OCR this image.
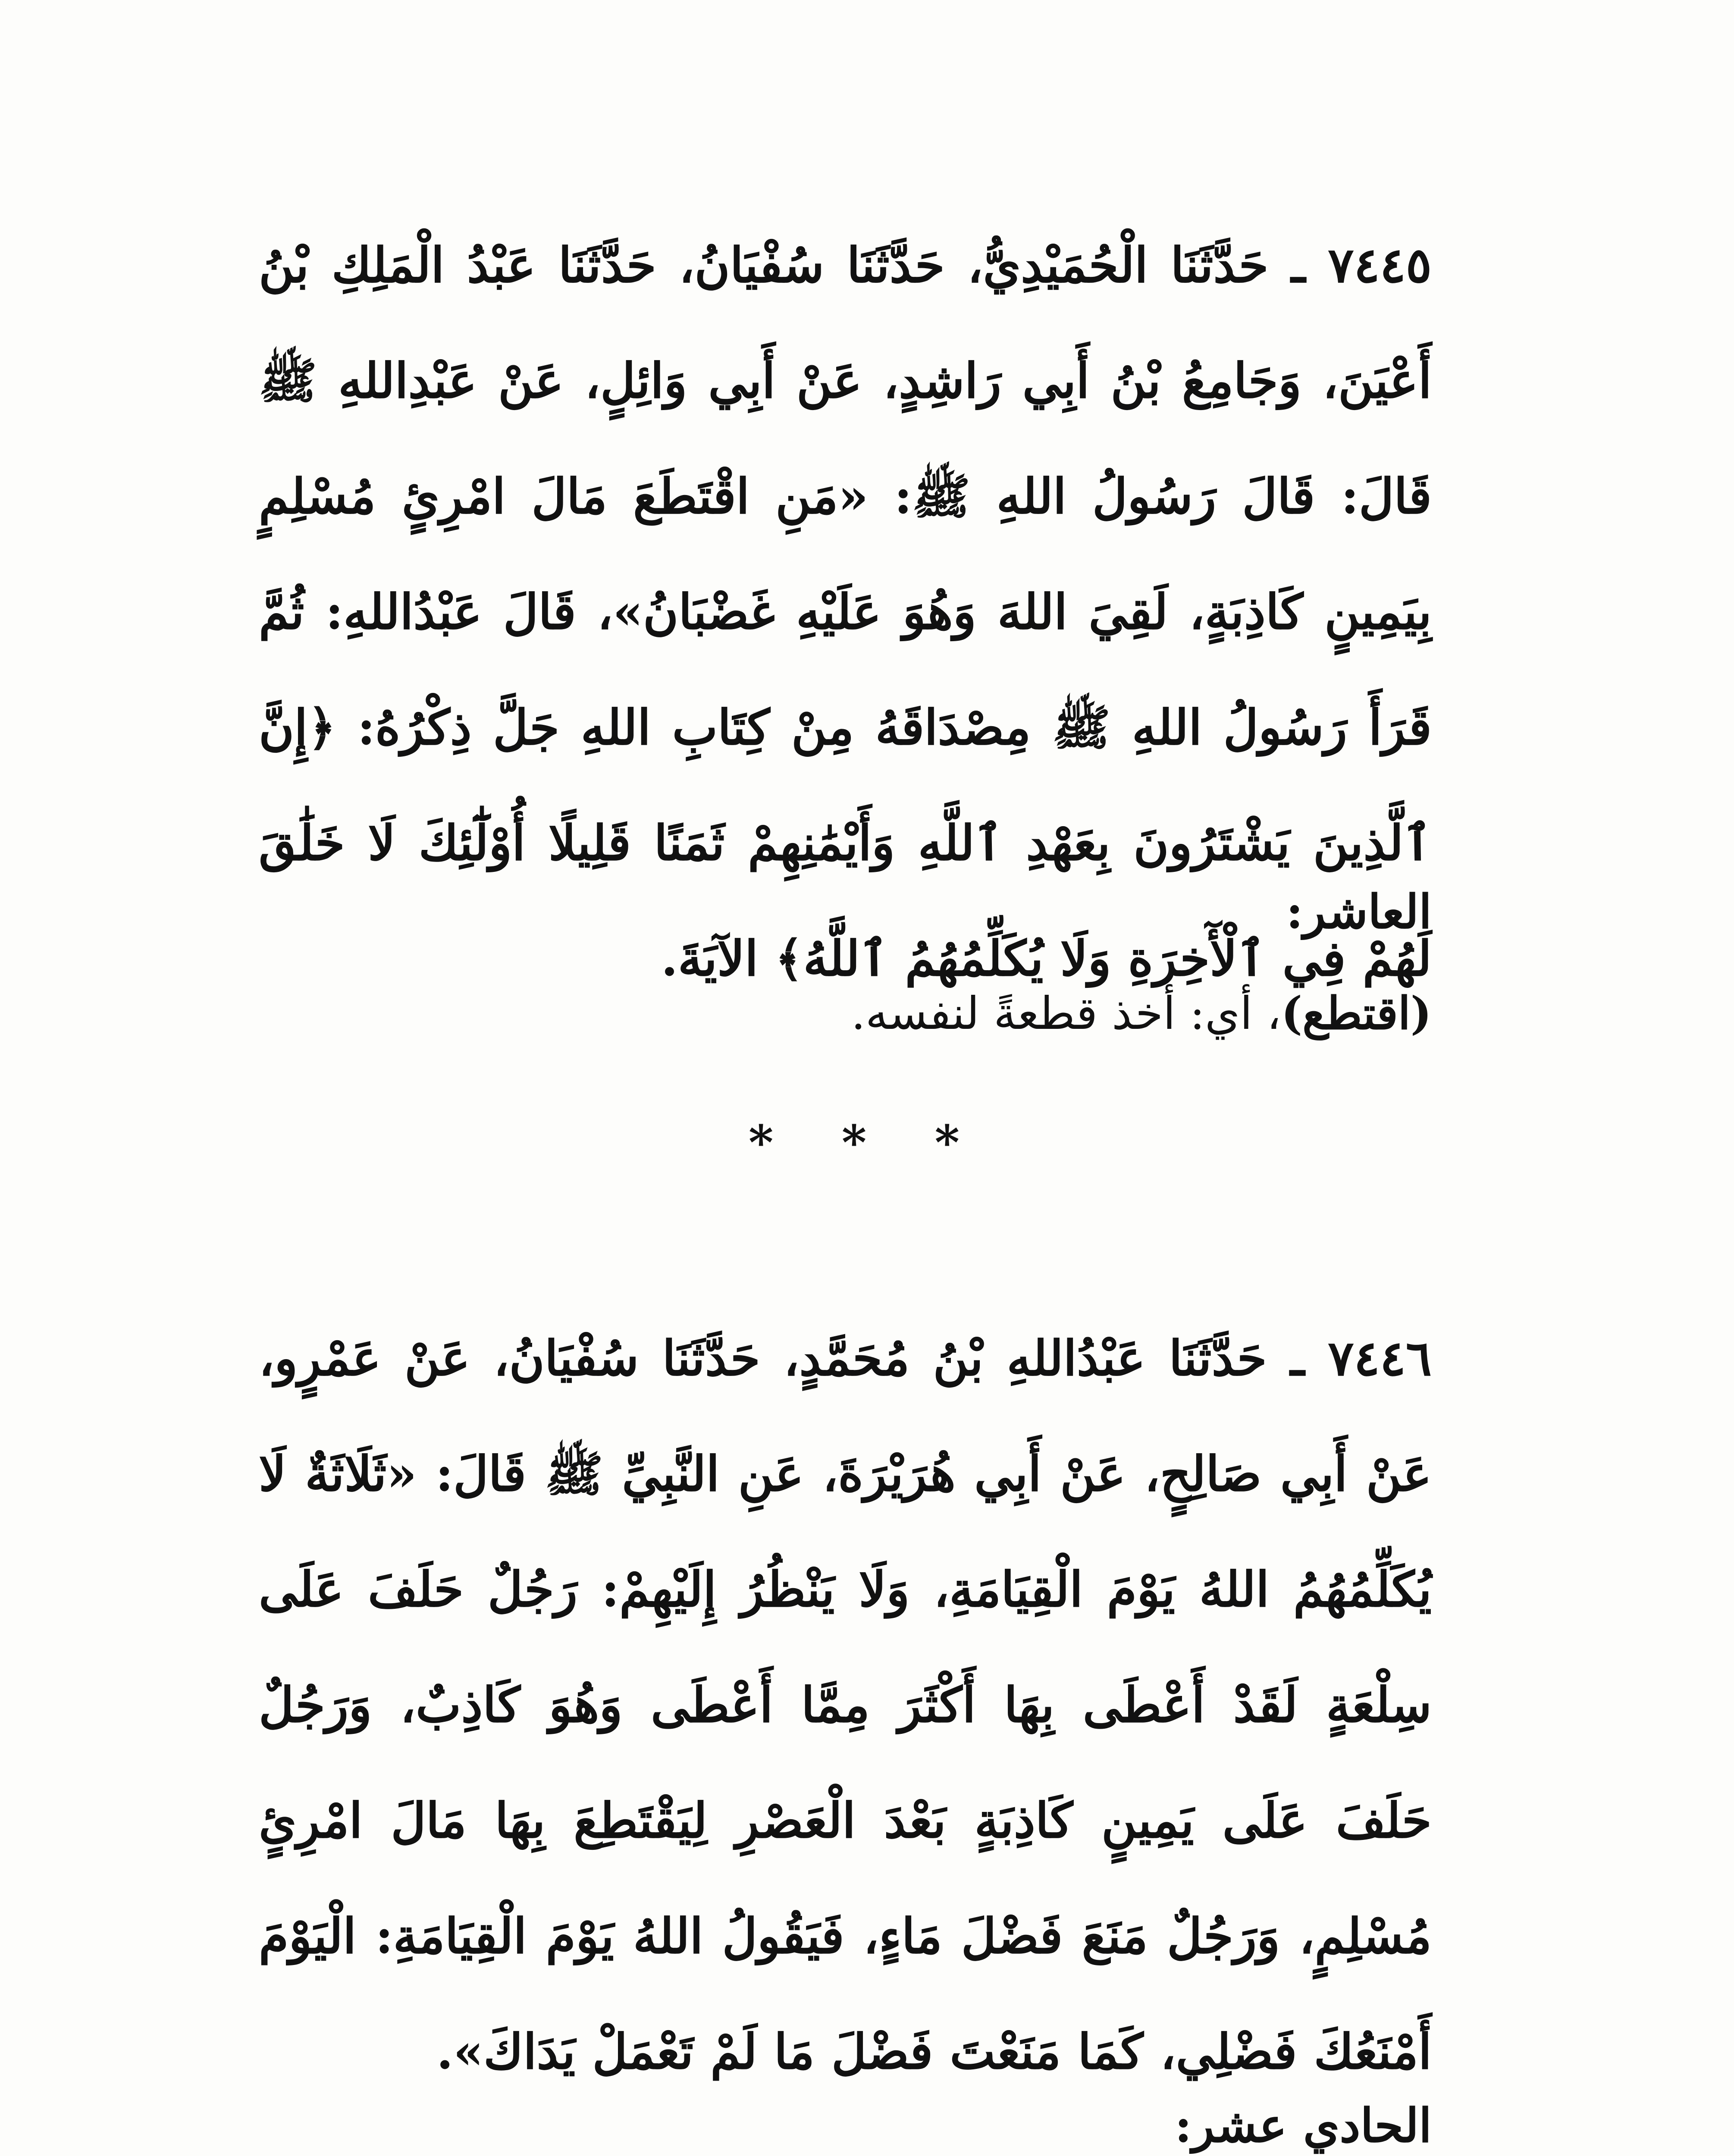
٧٤٤٥ ـ حَدَّثَنَا الْحُمَيْدِيُّ، حَدَّثَنَا سُفْيَانُ، حَدَّثَنَا عَبْدُ الْمَلِكِ بْنُ أَعْيَنَ، وَجَامِعُ بْنُ أَبِي رَاشِدٍ، عَنْ أَبِي وَائِلٍ، عَنْ عَبْدِاللهِ ﷺ قَالَ: قَالَ رَسُولُ اللهِ ﷺ: «مَنِ اقْتَطَعَ مَالَ امْرِئٍ مُسْلِمٍ بِيَمِينٍ كَاذِبَةٍ، لَقِيَ اللهَ وَهُوَ عَلَيْهِ غَضْبَانُ»، قَالَ عَبْدُاللهِ: ثُمَّ قَرَأَ رَسُولُ اللهِ ﷺ مِصْدَاقَهُ مِنْ كِتَابِ اللهِ جَلَّ ذِكْرُهُ: ﴿إِنَّ ٱلَّذِينَ يَشْتَرُونَ بِعَهْدِ ٱللَّهِ وَأَيْمَٰنِهِمْ ثَمَنًا قَلِيلًا أُوْلَٰٓئِكَ لَا خَلَٰقَ لَهُمْ فِي ٱلْأٓخِرَةِ وَلَا يُكَلِّمُهُمُ ٱللَّهُ﴾ الآيَةَ.

العاشر:
(اقتطع)، أي: أخذ قطعةً لنفسه.
* * *

٧٤٤٦ ـ حَدَّثَنَا عَبْدُاللهِ بْنُ مُحَمَّدٍ، حَدَّثَنَا سُفْيَانُ، عَنْ عَمْرٍو، عَنْ أَبِي صَالِحٍ، عَنْ أَبِي هُرَيْرَةَ، عَنِ النَّبِيِّ ﷺ قَالَ: «ثَلَاثَةٌ لَا يُكَلِّمُهُمُ اللهُ يَوْمَ الْقِيَامَةِ، وَلَا يَنْظُرُ إِلَيْهِمْ: رَجُلٌ حَلَفَ عَلَى سِلْعَةٍ لَقَدْ أَعْطَى بِهَا أَكْثَرَ مِمَّا أَعْطَى وَهُوَ كَاذِبٌ، وَرَجُلٌ حَلَفَ عَلَى يَمِينٍ كَاذِبَةٍ بَعْدَ الْعَصْرِ لِيَقْتَطِعَ بِهَا مَالَ امْرِئٍ مُسْلِمٍ، وَرَجُلٌ مَنَعَ فَضْلَ مَاءٍ، فَيَقُولُ اللهُ يَوْمَ الْقِيَامَةِ: الْيَوْمَ أَمْنَعُكَ فَضْلِي، كَمَا مَنَعْتَ فَضْلَ مَا لَمْ تَعْمَلْ يَدَاكَ».

الحادي عشر:
